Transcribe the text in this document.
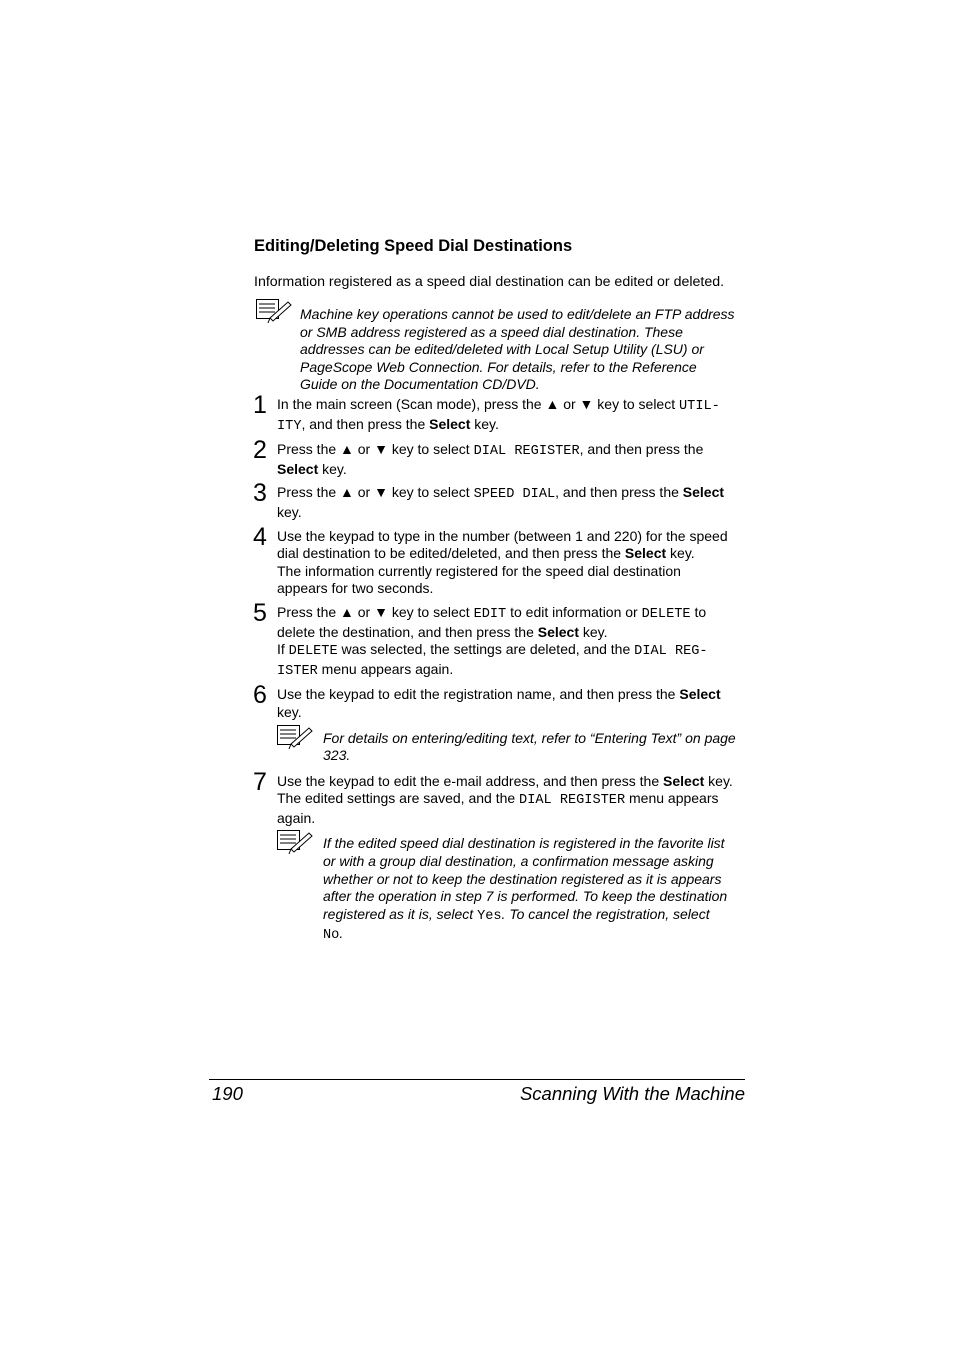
Editing/Deleting Speed Dial Destinations
Information registered as a speed dial destination can be edited or deleted.
Machine key operations cannot be used to edit/delete an FTP address
or SMB address registered as a speed dial destination. These
addresses can be edited/deleted with Local Setup Utility (LSU) or
PageScope Web Connection. For details, refer to the Reference
Guide on the Documentation CD/DVD.
1 In the main screen (Scan mode), press the ▲ or ▼ key to select UTIL-
ITY, and then press the Select key.
2 Press the ▲ or ▼ key to select DIAL REGISTER, and then press the
Select key.
3 Press the ▲ or ▼ key to select SPEED DIAL, and then press the Select
key.
4 Use the keypad to type in the number (between 1 and 220) for the speed
dial destination to be edited/deleted, and then press the Select key.
The information currently registered for the speed dial destination
appears for two seconds.
5 Press the ▲ or ▼ key to select EDIT to edit information or DELETE to
delete the destination, and then press the Select key.
If DELETE was selected, the settings are deleted, and the DIAL REG-
ISTER menu appears again.
6 Use the keypad to edit the registration name, and then press the Select
key.
For details on entering/editing text, refer to “Entering Text” on page
323.
7 Use the keypad to edit the e-mail address, and then press the Select key.
The edited settings are saved, and the DIAL REGISTER menu appears
again.
If the edited speed dial destination is registered in the favorite list
or with a group dial destination, a confirmation message asking
whether or not to keep the destination registered as it is appears
after the operation in step 7 is performed. To keep the destination
registered as it is, select Yes. To cancel the registration, select
No.
190	Scanning With the Machine
